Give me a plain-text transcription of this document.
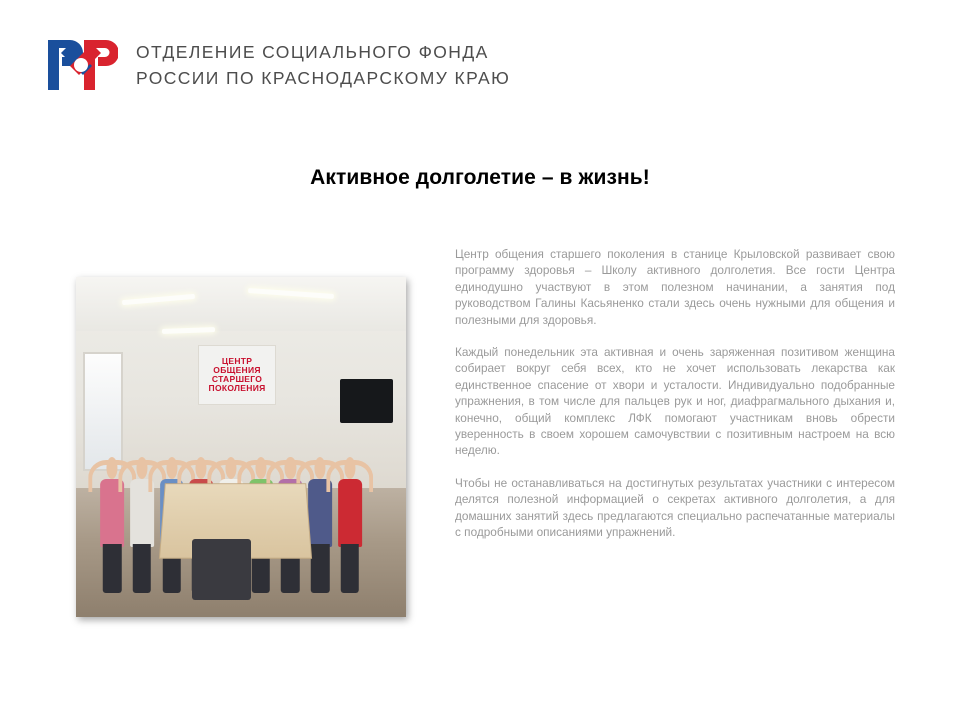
ОТДЕЛЕНИЕ СОЦИАЛЬНОГО ФОНДА
РОССИИ ПО КРАСНОДАРСКОМУ КРАЮ
Активное долголетие – в жизнь!
ЦЕНТР ОБЩЕНИЯ СТАРШЕГО ПОКОЛЕНИЯ

Центр общения старшего поколения в станице Крыловской развивает свою программу здоровья – Школу активного долголетия. Все гости Центра единодушно участвуют в этом полезном начинании, а занятия под руководством Галины Касьяненко стали здесь очень нужными для общения и полезными для здоровья.

Каждый понедельник эта активная и очень заряженная позитивом женщина собирает вокруг себя всех, кто не хочет использовать лекарства как единственное спасение от хвори и усталости. Индивидуально подобранные упражнения, в том числе для пальцев рук и ног, диафрагмального дыхания и, конечно, общий комплекс ЛФК помогают участникам вновь обрести уверенность в своем хорошем самочувствии с позитивным настроем на всю неделю.

Чтобы не останавливаться на достигнутых результатах участники с интересом делятся полезной информацией о секретах активного долголетия, а для домашних занятий здесь предлагаются специально распечатанные материалы с подробными описаниями упражнений.
